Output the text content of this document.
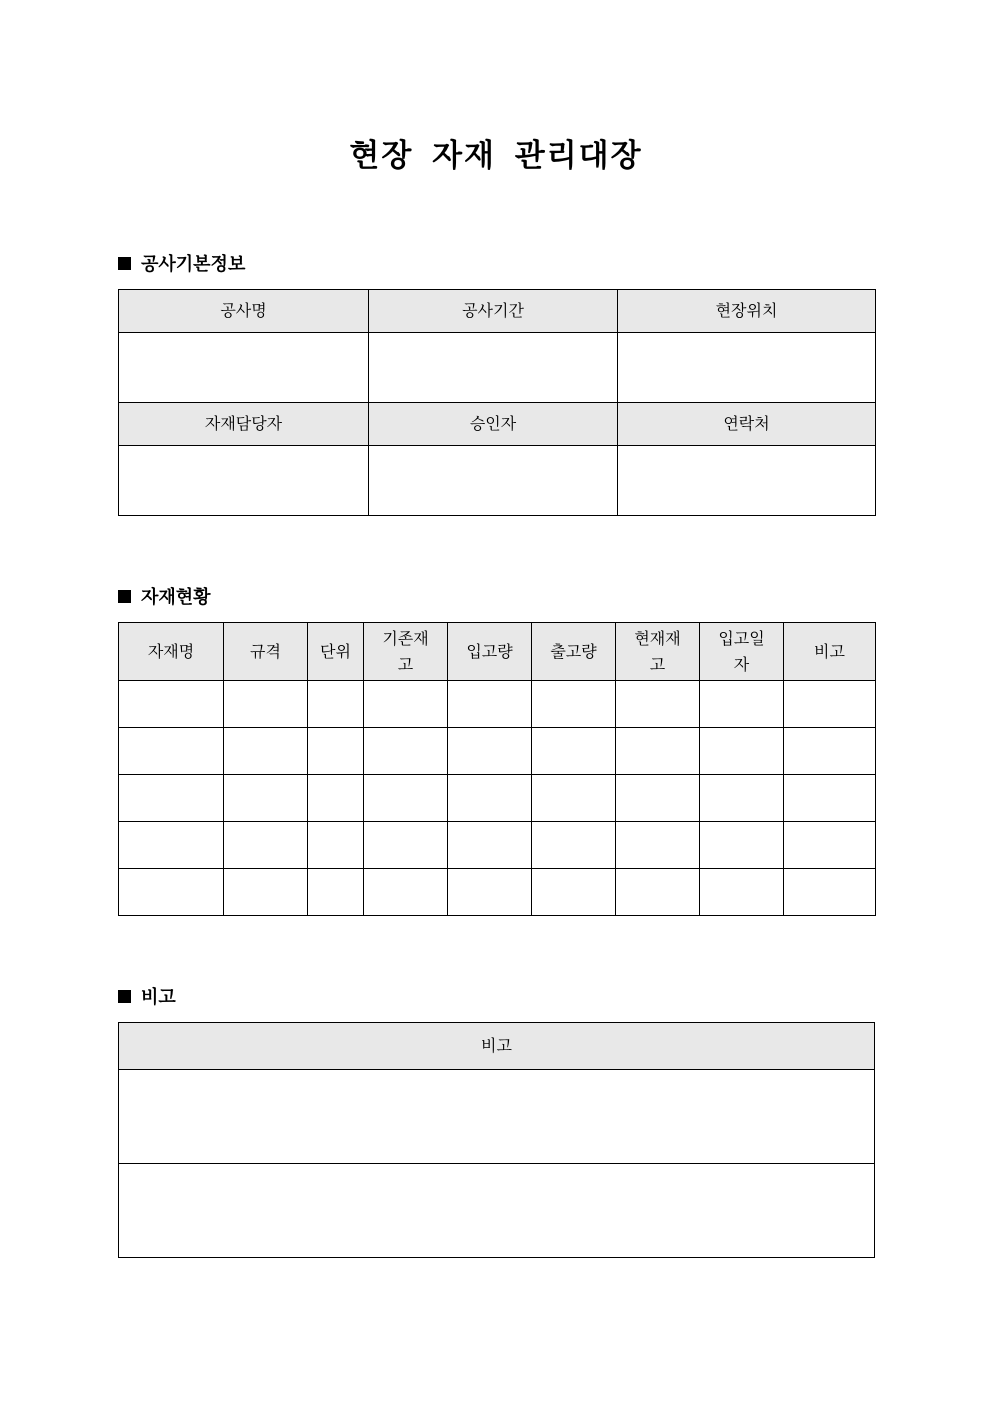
현장 자재 관리대장
공사기본정보
공사명	공사기간	현장위치

자재담당자	승인자	연락처

자재현황
자재명	규격	단위	기존재고	입고량	출고량	현재재고	입고일자	비고

비고
비고
